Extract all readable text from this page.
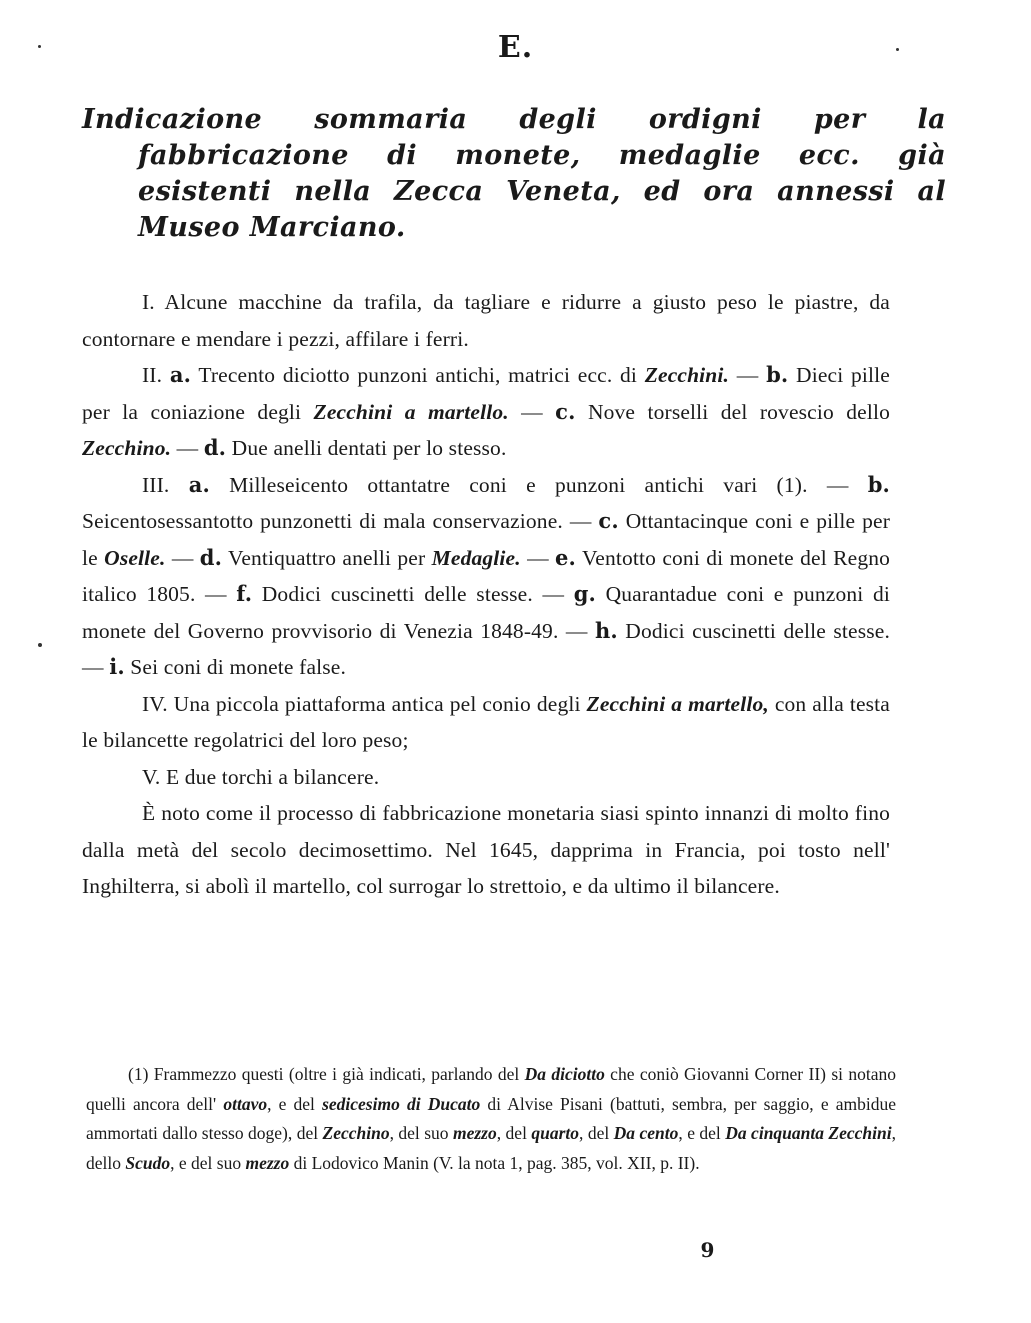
E.
Indicazione sommaria degli ordigni per la fabbricazione di monete, medaglie ecc. già esistenti nella Zecca Veneta, ed ora annessi al Museo Marciano.

I. Alcune macchine da trafila, da tagliare e ridurre a giusto peso le piastre, da contornare e mendare i pezzi, affilare i ferri.

II. a. Trecento diciotto punzoni antichi, matrici ecc. di Zecchini. — b. Dieci pille per la coniazione degli Zecchini a martello. — c. Nove torselli del rovescio dello Zecchino. — d. Due anelli dentati per lo stesso.

III. a. Milleseicento ottantatre coni e punzoni antichi vari (1). — b. Seicentosessantotto punzonetti di mala conservazione. — c. Ottantacinque coni e pille per le Oselle. — d. Ventiquattro anelli per Medaglie. — e. Ventotto coni di monete del Regno italico 1805. — f. Dodici cuscinetti delle stesse. — g. Quarantadue coni e punzoni di monete del Governo provvisorio di Venezia 1848-49. — h. Dodici cuscinetti delle stesse. — i. Sei coni di monete false.

IV. Una piccola piattaforma antica pel conio degli Zecchini a martello, con alla testa le bilancette regolatrici del loro peso;

V. E due torchi a bilancere.

È noto come il processo di fabbricazione monetaria siasi spinto innanzi di molto fino dalla metà del secolo decimosettimo. Nel 1645, dapprima in Francia, poi tosto nell' Inghilterra, si abolì il martello, col surrogar lo strettoio, e da ultimo il bilancere.

(1) Frammezzo questi (oltre i già indicati, parlando del Da diciotto che coniò Giovanni Corner II) si notano quelli ancora dell' ottavo, e del sedicesimo di Ducato di Alvise Pisani (battuti, sembra, per saggio, e ambidue ammortati dallo stesso doge), del Zecchino, del suo mezzo, del quarto, del Da cento, e del Da cinquanta Zecchini, dello Scudo, e del suo mezzo di Lodovico Manin (V. la nota 1, pag. 385, vol. XII, p. II).
9
